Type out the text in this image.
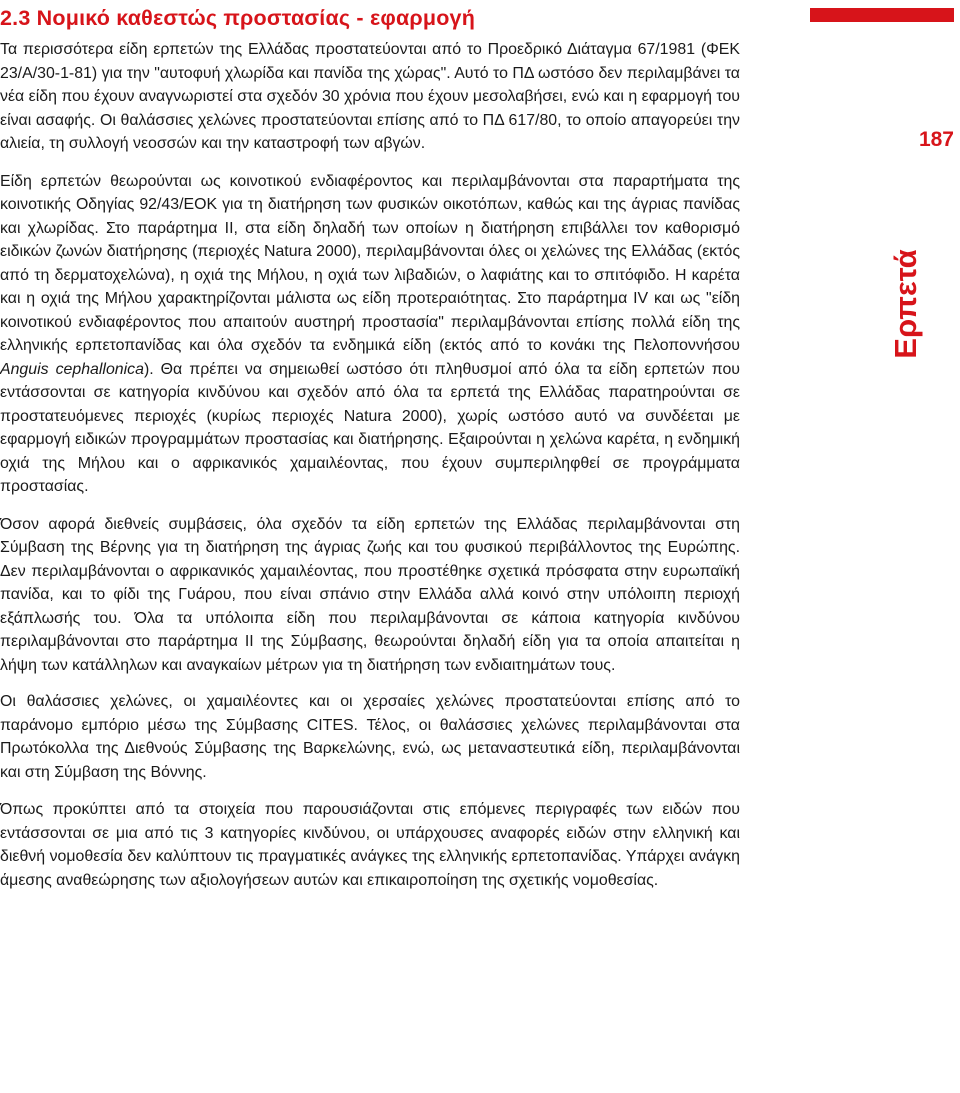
2.3 Νομικό καθεστώς προστασίας - εφαρμογή
187
Ερπετά

Τα περισσότερα είδη ερπετών της Ελλάδας προστατεύονται από το Προεδρικό Διάταγμα 67/1981 (ΦΕΚ 23/Α/30-1-81) για την "αυτοφυή χλωρίδα και πανίδα της χώρας". Αυτό το ΠΔ ωστόσο δεν περιλαμβάνει τα νέα είδη που έχουν αναγνωριστεί στα σχεδόν 30 χρόνια που έχουν μεσολαβήσει, ενώ και η εφαρμογή του είναι ασαφής. Οι θαλάσσιες χελώνες προστατεύονται επίσης από το ΠΔ 617/80, το οποίο απαγορεύει την αλιεία, τη συλλογή νεοσσών και την καταστροφή των αβγών.

Είδη ερπετών θεωρούνται ως κοινοτικού ενδιαφέροντος και περιλαμβάνονται στα παραρτήματα της κοινοτικής Οδηγίας 92/43/ΕΟΚ για τη διατήρηση των φυσικών οικοτόπων, καθώς και της άγριας πανίδας και χλωρίδας. Στο παράρτημα ΙΙ, στα είδη δηλαδή των οποίων η διατήρηση επιβάλλει τον καθορισμό ειδικών ζωνών διατήρησης (περιοχές Natura 2000), περιλαμβάνονται όλες οι χελώνες της Ελλάδας (εκτός από τη δερματοχελώνα), η οχιά της Μήλου, η οχιά των λιβαδιών, ο λαφιάτης και το σπιτόφιδο. Η καρέτα και η οχιά της Μήλου χαρακτηρίζονται μάλιστα ως είδη προτεραιότητας. Στο παράρτημα IV και ως "είδη κοινοτικού ενδιαφέροντος που απαιτούν αυστηρή προστασία" περιλαμβάνονται επίσης πολλά είδη της ελληνικής ερπετοπανίδας και όλα σχεδόν τα ενδημικά είδη (εκτός από το κονάκι της Πελοποννήσου Anguis cephallonica). Θα πρέπει να σημειωθεί ωστόσο ότι πληθυσμοί από όλα τα είδη ερπετών που εντάσσονται σε κατηγορία κινδύνου και σχεδόν από όλα τα ερπετά της Ελλάδας παρατηρούνται σε προστατευόμενες περιοχές (κυρίως περιοχές Natura 2000), χωρίς ωστόσο αυτό να συνδέεται με εφαρμογή ειδικών προγραμμάτων προστασίας και διατήρησης. Εξαιρούνται η χελώνα καρέτα, η ενδημική οχιά της Μήλου και ο αφρικανικός χαμαιλέοντας, που έχουν συμπεριληφθεί σε προγράμματα προστασίας.

Όσον αφορά διεθνείς συμβάσεις, όλα σχεδόν τα είδη ερπετών της Ελλάδας περιλαμβάνονται στη Σύμβαση της Βέρνης για τη διατήρηση της άγριας ζωής και του φυσικού περιβάλλοντος της Ευρώπης. Δεν περιλαμβάνονται ο αφρικανικός χαμαιλέοντας, που προστέθηκε σχετικά πρόσφατα στην ευρωπαϊκή πανίδα, και το φίδι της Γυάρου, που είναι σπάνιο στην Ελλάδα αλλά κοινό στην υπόλοιπη περιοχή εξάπλωσής του. Όλα τα υπόλοιπα είδη που περιλαμβάνονται σε κάποια κατηγορία κινδύνου περιλαμβάνονται στο παράρτημα ΙΙ της Σύμβασης, θεωρούνται δηλαδή είδη για τα οποία απαιτείται η λήψη των κατάλληλων και αναγκαίων μέτρων για τη διατήρηση των ενδιαιτημάτων τους.

Οι θαλάσσιες χελώνες, οι χαμαιλέοντες και οι χερσαίες χελώνες προστατεύονται επίσης από το παράνομο εμπόριο μέσω της Σύμβασης CITES. Τέλος, οι θαλάσσιες χελώνες περιλαμβάνονται στα Πρωτόκολλα της Διεθνούς Σύμβασης της Βαρκελώνης, ενώ, ως μεταναστευτικά είδη, περιλαμβάνονται και στη Σύμβαση της Βόννης.

Όπως προκύπτει από τα στοιχεία που παρουσιάζονται στις επόμενες περιγραφές των ειδών που εντάσσονται σε μια από τις 3 κατηγορίες κινδύνου, οι υπάρχουσες αναφορές ειδών στην ελληνική και διεθνή νομοθεσία δεν καλύπτουν τις πραγματικές ανάγκες της ελληνικής ερπετοπανίδας. Υπάρχει ανάγκη άμεσης αναθεώρησης των αξιολογήσεων αυτών και επικαιροποίηση της σχετικής νομοθεσίας.
